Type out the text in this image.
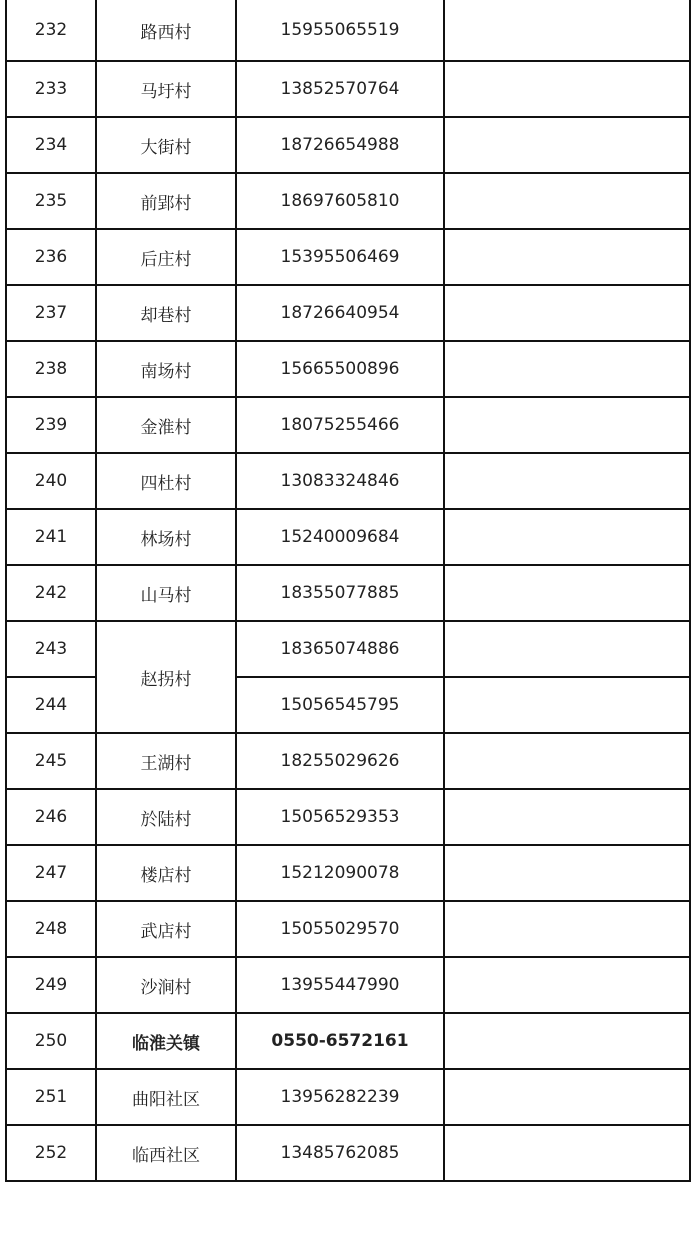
232	路西村	15955065519	
233	马圩村	13852570764	
234	大街村	18726654988	
235	前郢村	18697605810	
236	后庄村	15395506469	
237	却巷村	18726640954	
238	南场村	15665500896	
239	金淮村	18075255466	
240	四杜村	13083324846	
241	林场村	15240009684	
242	山马村	18355077885	
243	赵拐村	18365074886	
244		15056545795	
245	王湖村	18255029626	
246	於陆村	15056529353	
247	楼店村	15212090078	
248	武店村	15055029570	
249	沙涧村	13955447990	
250	临淮关镇	0550-6572161	
251	曲阳社区	13956282239	
252	临西社区	13485762085	
